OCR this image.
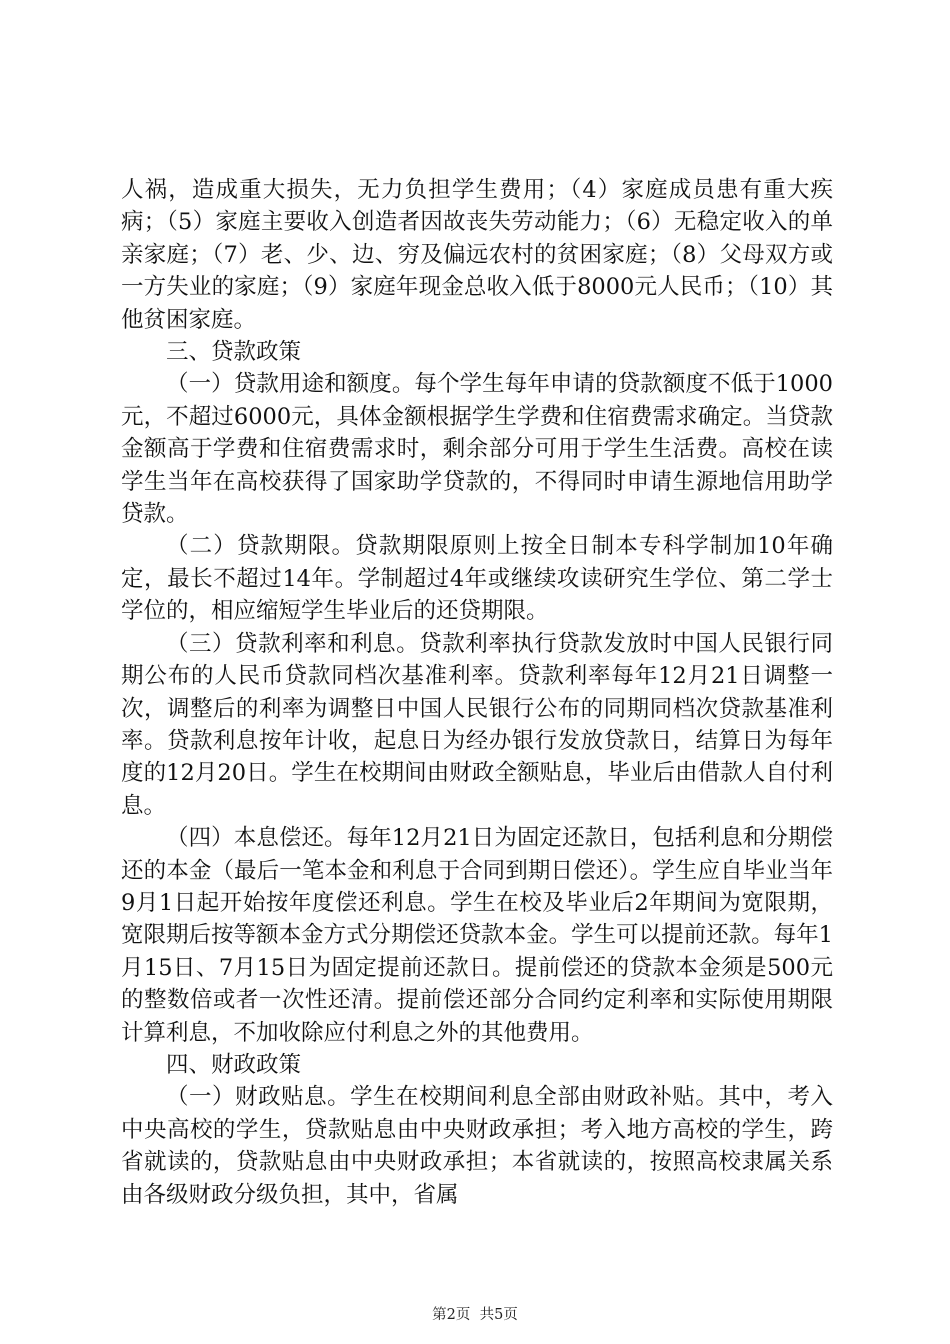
人祸，造成重大损失，无力负担学生费用；（4）家庭成员患有重大疾病；（5）家庭主要收入创造者因故丧失劳动能力；（6）无稳定收入的单亲家庭；（7）老、少、边、穷及偏远农村的贫困家庭；（8）父母双方或一方失业的家庭；（9）家庭年现金总收入低于8000元人民币；（10）其他贫困家庭。

三、贷款政策

（一）贷款用途和额度。每个学生每年申请的贷款额度不低于1000元，不超过6000元，具体金额根据学生学费和住宿费需求确定。当贷款金额高于学费和住宿费需求时，剩余部分可用于学生生活费。高校在读学生当年在高校获得了国家助学贷款的，不得同时申请生源地信用助学贷款。

（二）贷款期限。贷款期限原则上按全日制本专科学制加10年确定，最长不超过14年。学制超过4年或继续攻读研究生学位、第二学士学位的，相应缩短学生毕业后的还贷期限。

（三）贷款利率和利息。贷款利率执行贷款发放时中国人民银行同期公布的人民币贷款同档次基准利率。贷款利率每年12月21日调整一次，调整后的利率为调整日中国人民银行公布的同期同档次贷款基准利率。贷款利息按年计收，起息日为经办银行发放贷款日，结算日为每年度的12月20日。学生在校期间由财政全额贴息，毕业后由借款人自付利息。

（四）本息偿还。每年12月21日为固定还款日，包括利息和分期偿还的本金（最后一笔本金和利息于合同到期日偿还）。学生应自毕业当年9月1日起开始按年度偿还利息。学生在校及毕业后2年期间为宽限期，宽限期后按等额本金方式分期偿还贷款本金。学生可以提前还款。每年1月15日、7月15日为固定提前还款日。提前偿还的贷款本金须是500元的整数倍或者一次性还清。提前偿还部分合同约定利率和实际使用期限计算利息，不加收除应付利息之外的其他费用。

四、财政政策

（一）财政贴息。学生在校期间利息全部由财政补贴。其中，考入中央高校的学生，贷款贴息由中央财政承担；考入地方高校的学生，跨省就读的，贷款贴息由中央财政承担；本省就读的，按照高校隶属关系由各级财政分级负担，其中，省属

第2页  共5页
